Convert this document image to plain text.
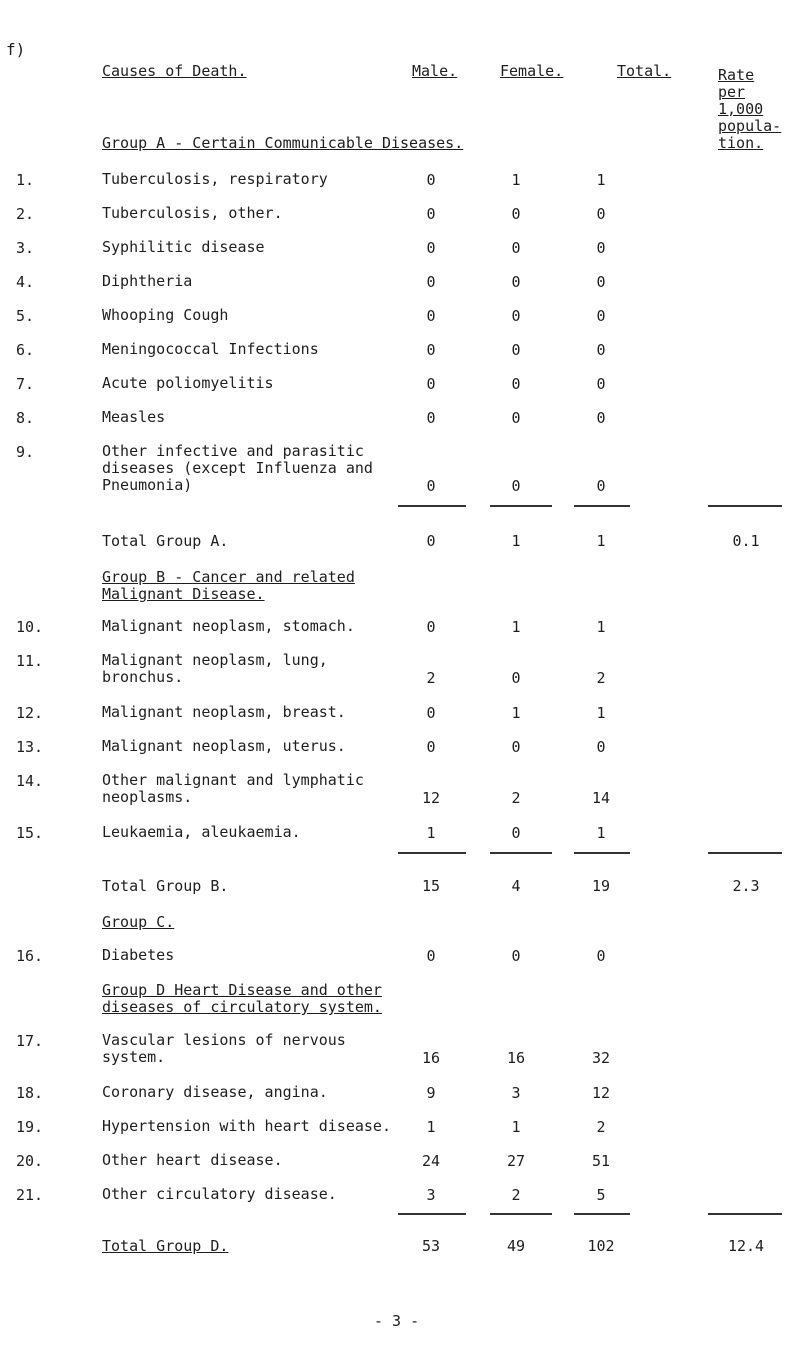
f)
Causes of Death.	Male.	Female.	Total.	Rate
per
1,000
popula-
tion.
Group A - Certain Communicable Diseases.
1.	Tuberculosis, respiratory	0	1	1
2.	Tuberculosis, other.	0	0	0
3.	Syphilitic disease	0	0	0
4.	Diphtheria	0	0	0
5.	Whooping Cough	0	0	0
6.	Meningococcal Infections	0	0	0
7.	Acute poliomyelitis	0	0	0
8.	Measles	0	0	0
9.	Other infective and parasitic
diseases (except Influenza and
Pneumonia)	0	0	0
Total Group A.	0	1	1	0.1
Group B - Cancer and related
Malignant Disease.
10.	Malignant neoplasm, stomach.	0	1	1
11.	Malignant neoplasm, lung,
bronchus.	2	0	2
12.	Malignant neoplasm, breast.	0	1	1
13.	Malignant neoplasm, uterus.	0	0	0
14.	Other malignant and lymphatic
neoplasms.	12	2	14
15.	Leukaemia, aleukaemia.	1	0	1
Total Group B.	15	4	19	2.3
Group C.
16.	Diabetes	0	0	0
Group D Heart Disease and other
diseases of circulatory system.
17.	Vascular lesions of nervous
system.	16	16	32
18.	Coronary disease, angina.	9	3	12
19.	Hypertension with heart disease.	1	1	2
20.	Other heart disease.	24	27	51
21.	Other circulatory disease.	3	2	5
Total Group D.	53	49	102	12.4
- 3 -
